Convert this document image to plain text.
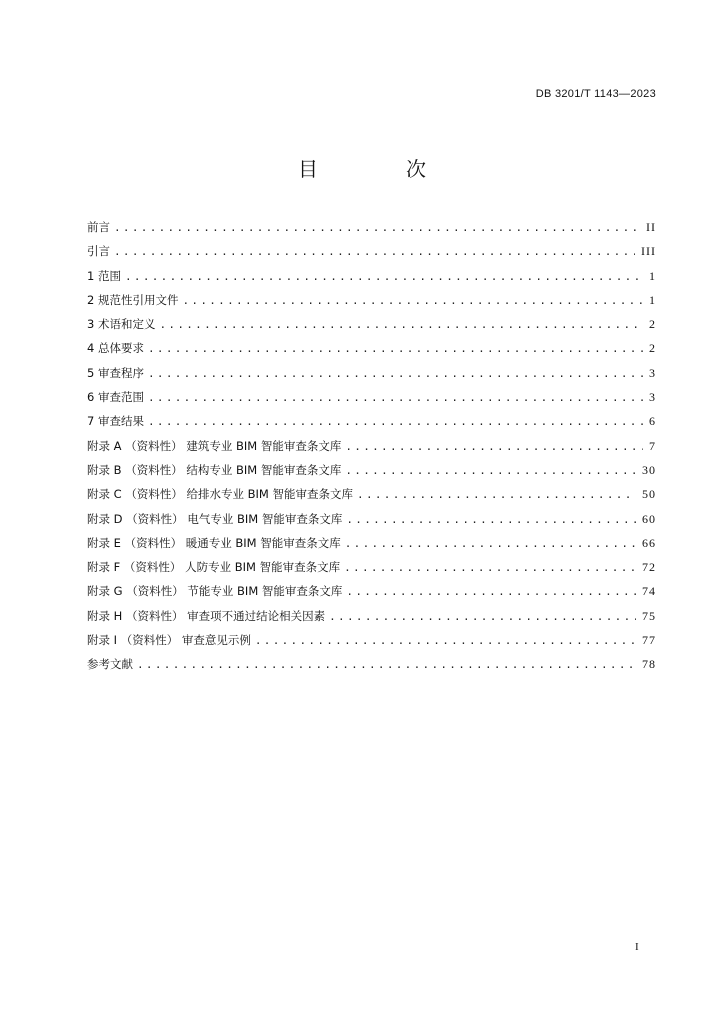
DB 3201/T 1143—2023
目　次
前言 .....	II
引言 .....	III
1 范围 .....	1
2 规范性引用文件 .....	1
3 术语和定义 .....	2
4 总体要求 .....	2
5 审查程序 .....	3
6 审查范围 .....	3
7 审查结果 .....	6
附录 A （资料性） 建筑专业 BIM 智能审查条文库 .....	7
附录 B （资料性） 结构专业 BIM 智能审查条文库 .....	30
附录 C （资料性） 给排水专业 BIM 智能审查条文库 .....	50
附录 D （资料性） 电气专业 BIM 智能审查条文库 .....	60
附录 E （资料性） 暖通专业 BIM 智能审查条文库 .....	66
附录 F （资料性） 人防专业 BIM 智能审查条文库 .....	72
附录 G （资料性） 节能专业 BIM 智能审查条文库 .....	74
附录 H （资料性） 审查项不通过结论相关因素 .....	75
附录 I （资料性） 审查意见示例 .....	77
参考文献 .....	78
I
